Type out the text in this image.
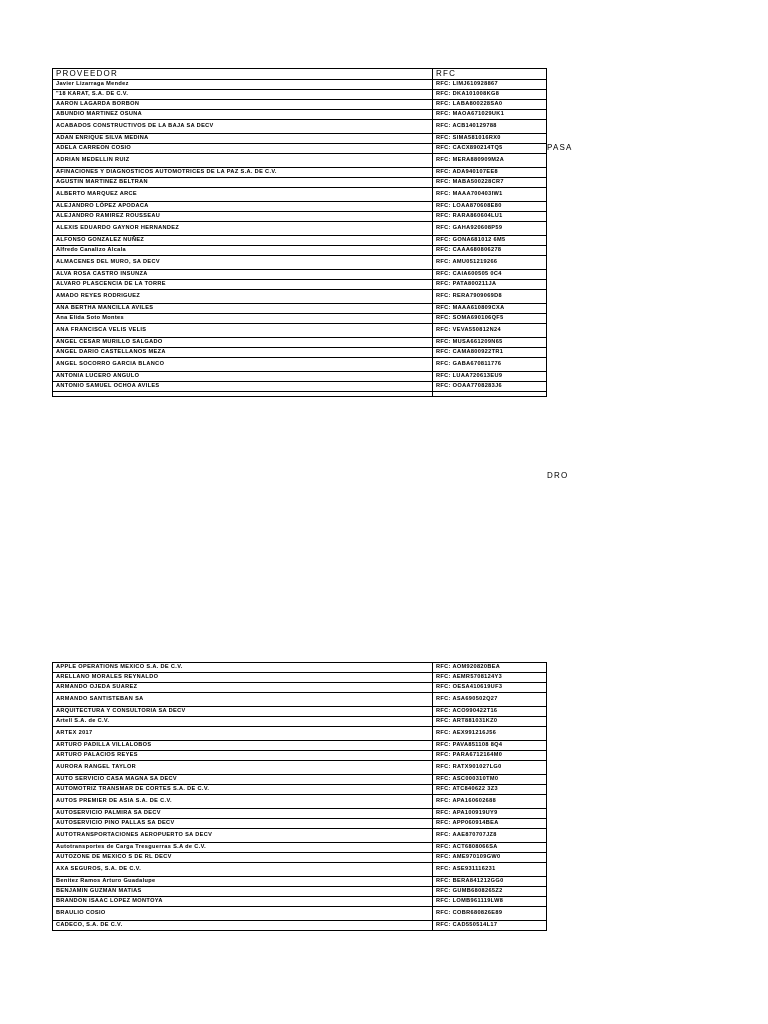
PROVEEDOR	RFC
Javier Lizarraga Mendez	RFC: LIMJ610928867
"18 KARAT, S.A. DE C.V.	RFC: DKA101008KG8
AARON LAGARDA BORBON	RFC: LABA800228SA0
ABUNDIO MARTINEZ OSUNA	RFC: MAOA671029UK1
ACABADOS CONSTRUCTIVOS DE LA BAJA SA DECV	RFC: ACB140129788
ADAN ENRIQUE SILVA MEDINA	RFC: SIMA581016RX0
ADELA CARREON COSIO	RFC: CACX890214TQ5
ADRIAN MEDELLIN RUIZ	RFC: MERA880909M2A
AFINACIONES Y DIAGNOSTICOS AUTOMOTRICES DE LA PAZ S.A. DE C.V.	RFC: ADA940107EE8
AGUSTIN MARTINEZ BELTRAN	RFC: MABA500228CR7
ALBERTO MARQUEZ ARCE	RFC: MAAA700403IW1
ALEJANDRO LÓPEZ APODACA	RFC: LOAA870608E80
ALEJANDRO RAMIREZ ROUSSEAU	RFC: RARA860604LU1
ALEXIS EDUARDO GAYNOR HERNANDEZ	RFC: GAHA920608P59
ALFONSO GONZALEZ NUÑEZ	RFC: GONA681012 6M5
Alfredo Canalizo Alcala	RFC: CAAA680806278
ALMACENES DEL MURO, SA DECV	RFC: AMU051219266
ALVA ROSA CASTRO INSUNZA	RFC: CAIA600505 0C4
ALVARO PLASCENCIA DE LA TORRE	RFC: PATA800211JA
AMADO REYES RODRIGUEZ	RFC: RERA7909069D8
ANA BERTHA MANCILLA AVILES	RFC: MAAA610809CXA
Ana Elida Soto Montes	RFC: SOMA690106QF5
ANA FRANCISCA VELIS VELIS	RFC: VEVA550812N24
ANGEL CESAR MURILLO SALGADO	RFC: MUSA661209N65
ANGEL DARIO CASTELLANOS MEZA	RFC: CAMA800922TR1
ANGEL SOCORRO GARCIA BLANCO	RFC: GABA670811776
ANTONIA LUCERO ANGULO	RFC: LUAA720613EU9
ANTONIO SAMUEL OCHOA AVILES	RFC: OOAA7708283J6

PASA
DRO
APPLE OPERATIONS MEXICO S.A. DE C.V.	RFC: AOM920820BEA
ARELLANO MORALES REYNALDO	RFC: AEMR5708124Y3
ARMANDO OJEDA SUAREZ	RFC: OESA410619UF3
ARMANDO SANTISTEBAN SA	RFC: ASA690502Q27
ARQUITECTURA Y CONSULTORIA SA DECV	RFC: ACO990422T16
Artell S.A. de C.V.	RFC: ART881031KZ0
ARTEX 2017	RFC: AEX991216J56
ARTURO PADILLA VILLALOBOS	RFC: PAVA851108 8Q4
ARTURO PALACIOS REYES	RFC: PARA6712164M0
AURORA RANGEL TAYLOR	RFC: RATX901027LG0
AUTO SERVICIO CASA MAGNA SA DECV	RFC: ASC000310TM0
AUTOMOTRIZ TRANSMAR DE CORTES S.A. DE C.V.	RFC: ATC840622 3Z3
AUTOS PREMIER DE ASIA S.A. DE C.V.	RFC: APA160602688
AUTOSERVICIO PALMIRA SA DECV	RFC: APA100919UY9
AUTOSERVICIO PINO PALLAS SA DECV	RFC: APP060914BEA
AUTOTRANSPORTACIONES AEROPUERTO SA DECV	RFC: AAE870707JZ8
Autotransportes de Carga Tresguerras S.A de C.V.	RFC: ACT6808066SA
AUTOZONE DE MEXICO S DE RL DECV	RFC: AME970109GW0
AXA SEGUROS, S.A. DE C.V.	RFC: ASE931116231
Benitez Ramos Arturo Guadalupe	RFC: BERA841212GG0
BENJAMIN GUZMAN MATIAS	RFC: GUMB6808265Z2
BRANDON ISAAC LOPEZ MONTOYA	RFC: LOMB961119LW8
BRAULIO COSIO	RFC: COBR680826E89
CADECO, S.A. DE C.V.	RFC: CAD550514L17
